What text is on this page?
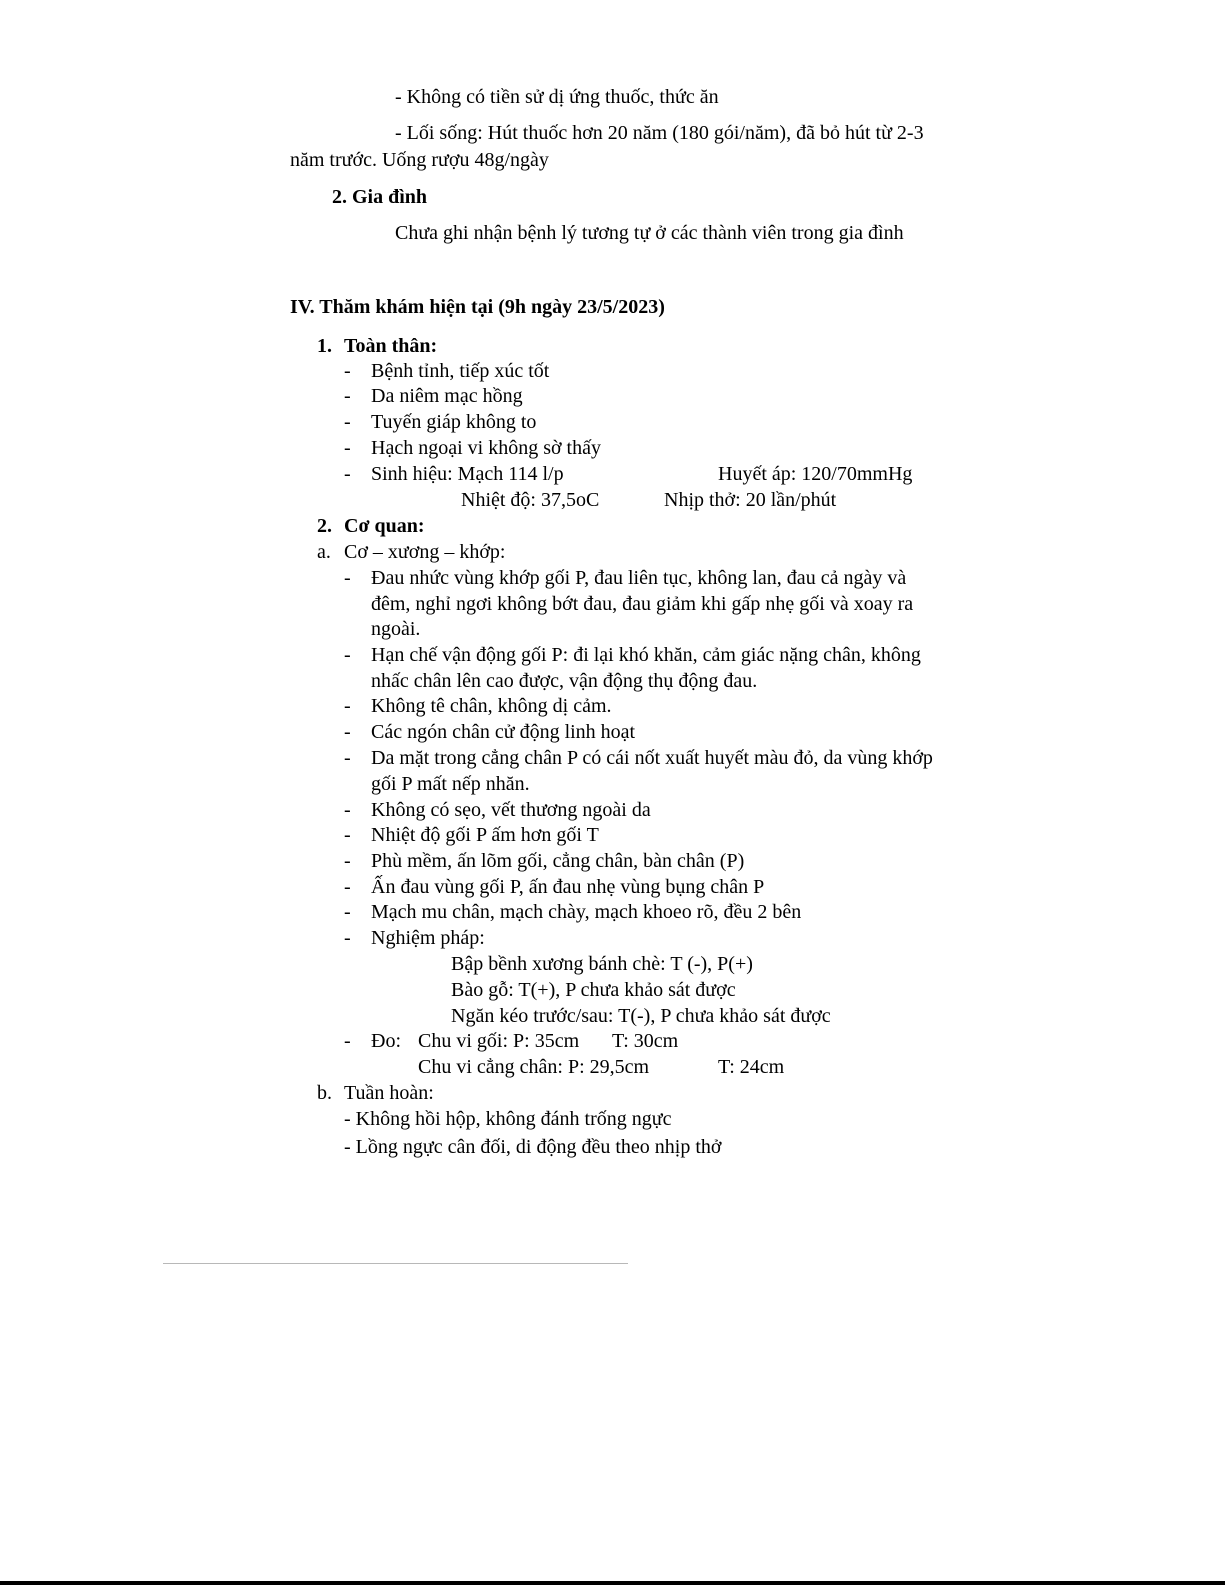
- Không có tiền sử dị ứng thuốc, thức ăn
- Lối sống: Hút thuốc hơn 20 năm (180 gói/năm), đã bỏ hút từ 2-3
năm trước. Uống rượu 48g/ngày
2. Gia đình
Chưa ghi nhận bệnh lý tương tự ở các thành viên trong gia đình
IV. Thăm khám hiện tại (9h ngày 23/5/2023)
1. Toàn thân:
- Bệnh tỉnh, tiếp xúc tốt
- Da niêm mạc hồng
- Tuyến giáp không to
- Hạch ngoại vi không sờ thấy
- Sinh hiệu: Mạch 114 l/p	Huyết áp: 120/70mmHg
Nhiệt độ: 37,5oC	Nhịp thở: 20 lần/phút
2. Cơ quan:
a. Cơ – xương – khớp:
- Đau nhức vùng khớp gối P, đau liên tục, không lan, đau cả ngày và
đêm, nghỉ ngơi không bớt đau, đau giảm khi gấp nhẹ gối và xoay ra
ngoài.
- Hạn chế vận động gối P: đi lại khó khăn, cảm giác nặng chân, không
nhấc chân lên cao được, vận động thụ động đau.
- Không tê chân, không dị cảm.
- Các ngón chân cử động linh hoạt
- Da mặt trong cẳng chân P có cái nốt xuất huyết màu đỏ, da vùng khớp
gối P mất nếp nhăn.
- Không có sẹo, vết thương ngoài da
- Nhiệt độ gối P ấm hơn gối T
- Phù mềm, ấn lõm gối, cẳng chân, bàn chân (P)
- Ấn đau vùng gối P, ấn đau nhẹ vùng bụng chân P
- Mạch mu chân, mạch chày, mạch khoeo rõ, đều 2 bên
- Nghiệm pháp:
Bập bềnh xương bánh chè: T (-), P(+)
Bào gỗ: T(+), P chưa khảo sát được
Ngăn kéo trước/sau: T(-), P chưa khảo sát được
- Đo: Chu vi gối: P: 35cm T: 30cm
Chu vi cẳng chân: P: 29,5cm	T: 24cm
b. Tuần hoàn:
- Không hồi hộp, không đánh trống ngực
- Lồng ngực cân đối, di động đều theo nhịp thở
